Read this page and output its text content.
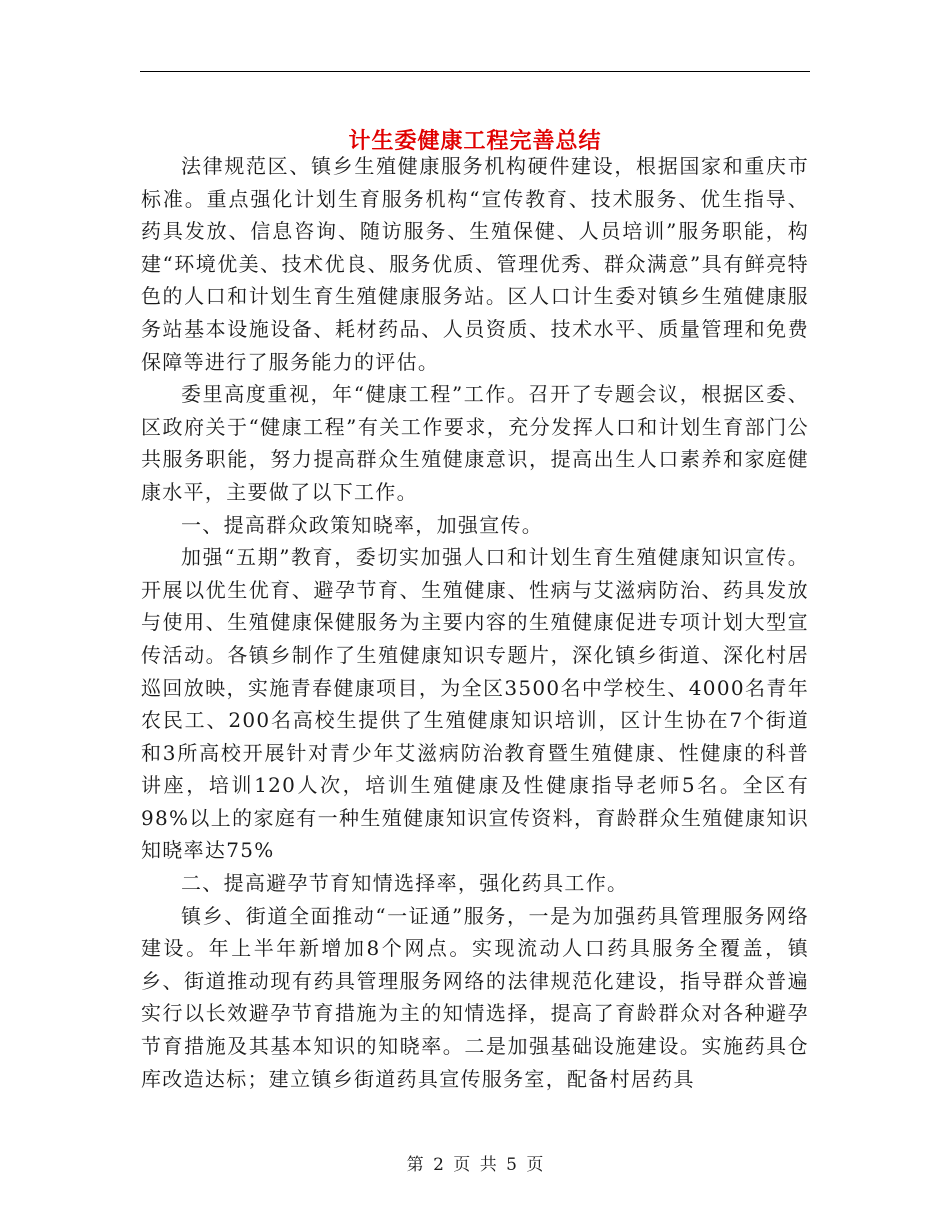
计生委健康工程完善总结

法律规范区、镇乡生殖健康服务机构硬件建设，根据国家和重庆市标准。重点强化计划生育服务机构“宣传教育、技术服务、优生指导、药具发放、信息咨询、随访服务、生殖保健、人员培训”服务职能，构建“环境优美、技术优良、服务优质、管理优秀、群众满意”具有鲜亮特色的人口和计划生育生殖健康服务站。区人口计生委对镇乡生殖健康服务站基本设施设备、耗材药品、人员资质、技术水平、质量管理和免费保障等进行了服务能力的评估。

委里高度重视，年“健康工程”工作。召开了专题会议，根据区委、区政府关于“健康工程”有关工作要求，充分发挥人口和计划生育部门公共服务职能，努力提高群众生殖健康意识，提高出生人口素养和家庭健康水平，主要做了以下工作。

一、提高群众政策知晓率，加强宣传。

加强“五期”教育，委切实加强人口和计划生育生殖健康知识宣传。开展以优生优育、避孕节育、生殖健康、性病与艾滋病防治、药具发放与使用、生殖健康保健服务为主要内容的生殖健康促进专项计划大型宣传活动。各镇乡制作了生殖健康知识专题片，深化镇乡街道、深化村居巡回放映，实施青春健康项目，为全区3500名中学校生、4000名青年农民工、200名高校生提供了生殖健康知识培训，区计生协在7个街道和3所高校开展针对青少年艾滋病防治教育暨生殖健康、性健康的科普讲座，培训120人次，培训生殖健康及性健康指导老师5名。全区有98%以上的家庭有一种生殖健康知识宣传资料，育龄群众生殖健康知识知晓率达75%

二、提高避孕节育知情选择率，强化药具工作。

镇乡、街道全面推动“一证通”服务，一是为加强药具管理服务网络建设。年上半年新增加8个网点。实现流动人口药具服务全覆盖，镇乡、街道推动现有药具管理服务网络的法律规范化建设，指导群众普遍实行以长效避孕节育措施为主的知情选择，提高了育龄群众对各种避孕节育措施及其基本知识的知晓率。二是加强基础设施建设。实施药具仓库改造达标；建立镇乡街道药具宣传服务室，配备村居药具

第 2 页 共 5 页
